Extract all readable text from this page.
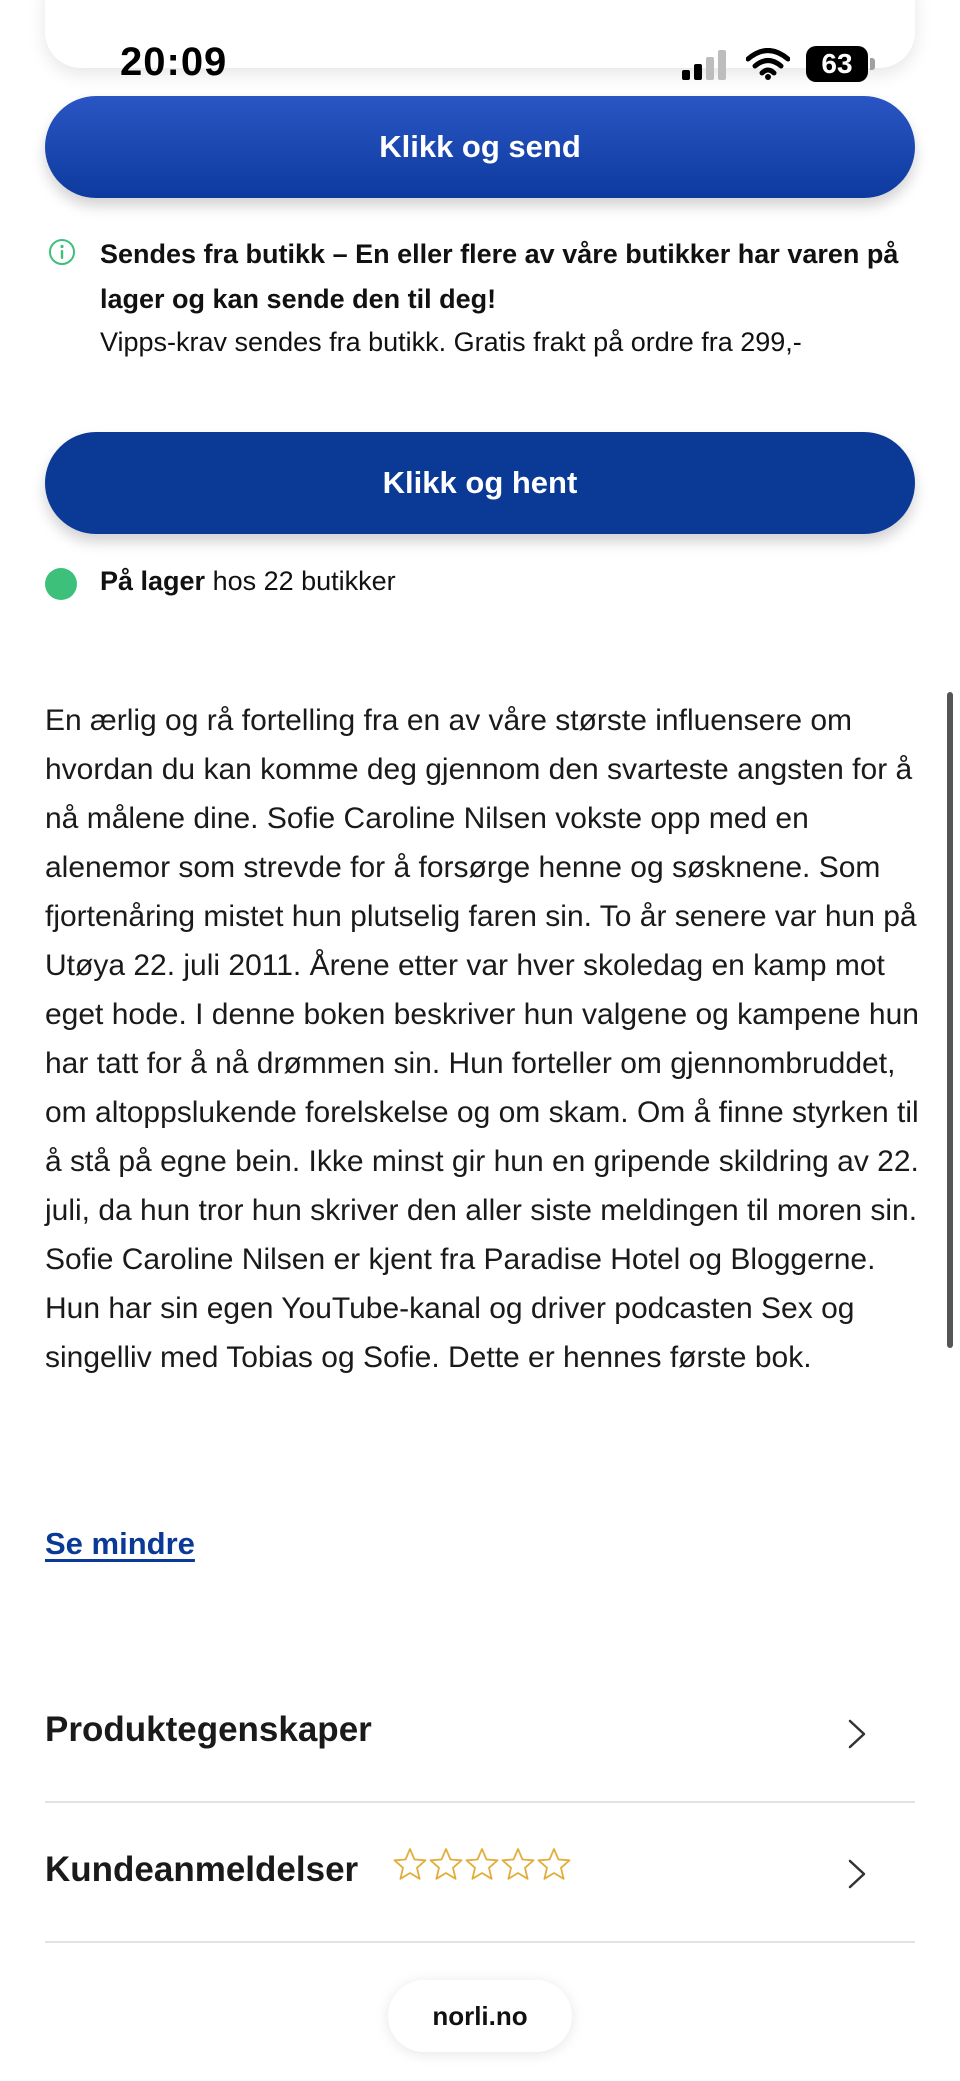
20:09	63
Klikk og send
Sendes fra butikk – En eller flere av våre butikker har varen på lager og kan sende den til deg!
Vipps-krav sendes fra butikk. Gratis frakt på ordre fra 299,-
Klikk og hent
På lager hos 22 butikker

En ærlig og rå fortelling fra en av våre største influensere om hvordan du kan komme deg gjennom den svarteste angsten for å nå målene dine. Sofie Caroline Nilsen vokste opp med en alenemor som strevde for å forsørge henne og søsknene. Som fjortenåring mistet hun plutselig faren sin. To år senere var hun på Utøya 22. juli 2011. Årene etter var hver skoledag en kamp mot eget hode. I denne boken beskriver hun valgene og kampene hun har tatt for å nå drømmen sin. Hun forteller om gjennombruddet, om altoppslukende forelskelse og om skam. Om å finne styrken til å stå på egne bein. Ikke minst gir hun en gripende skildring av 22. juli, da hun tror hun skriver den aller siste meldingen til moren sin. Sofie Caroline Nilsen er kjent fra Paradise Hotel og Bloggerne. Hun har sin egen YouTube-kanal og driver podcasten Sex og singelliv med Tobias og Sofie. Dette er hennes første bok.

Se mindre
Produktegenskaper
Kundeanmeldelser
norli.no
